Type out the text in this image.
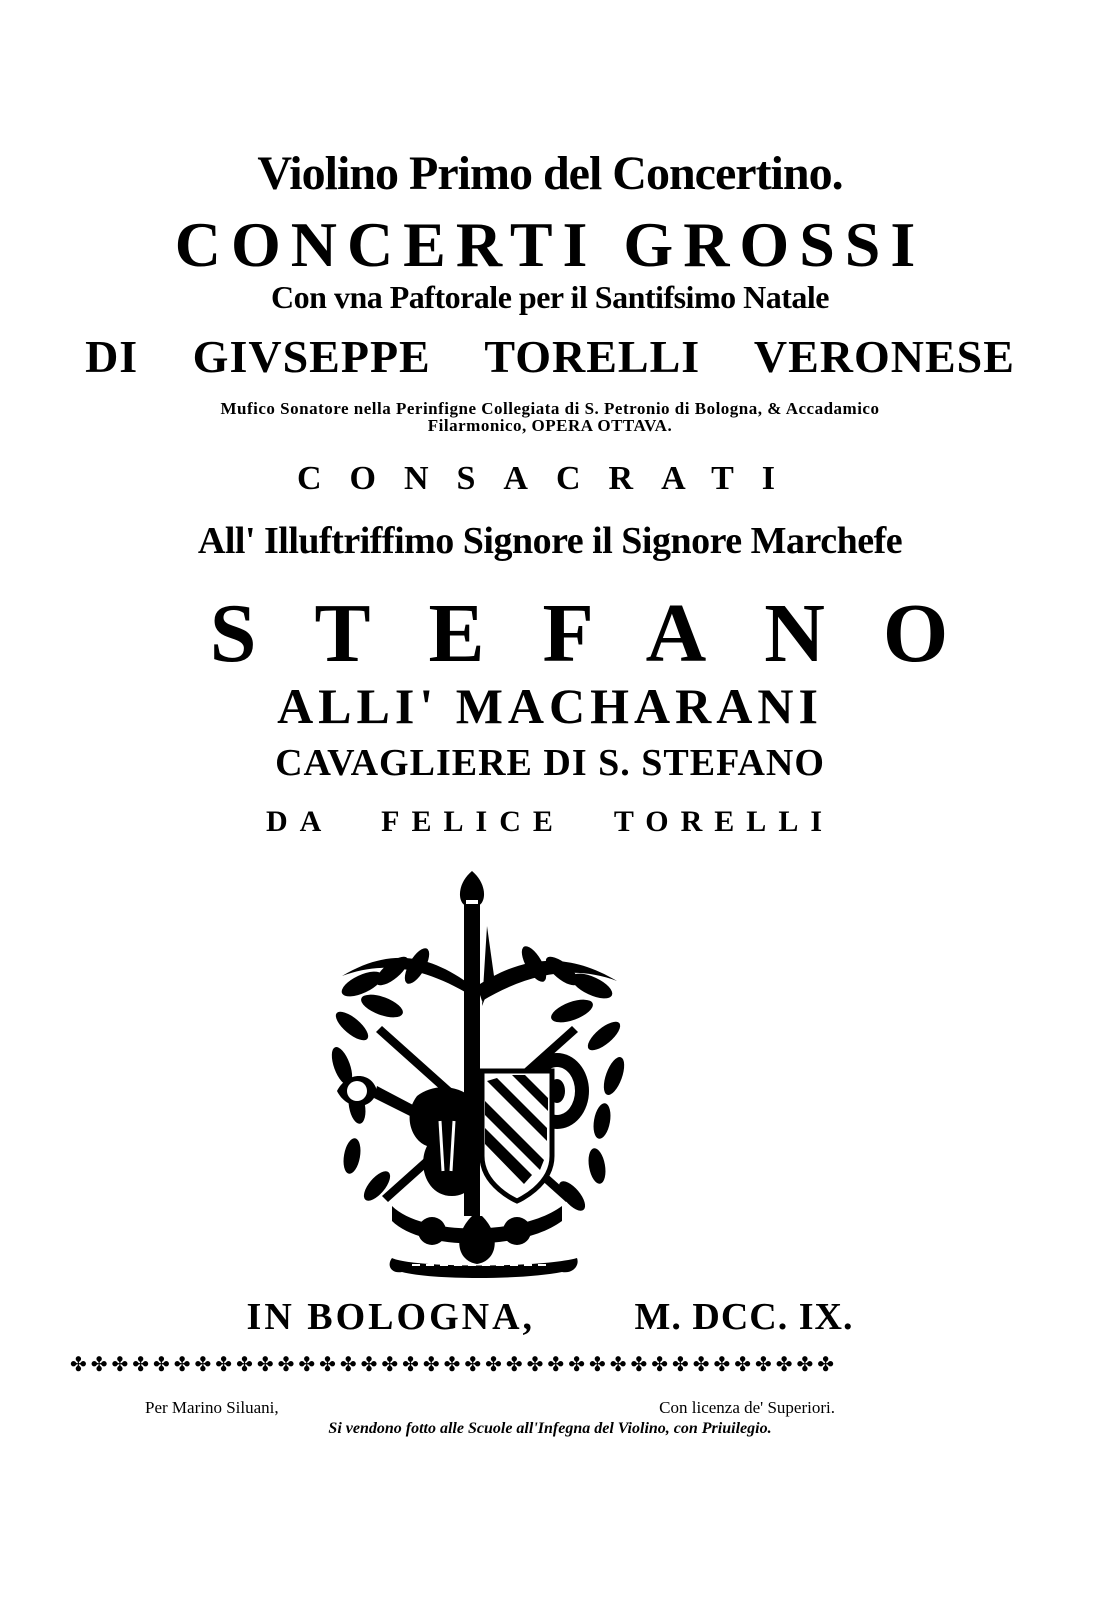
Violino Primo del Concertino.
CONCERTI GROSSI
Con vna Paftorale per il Santifsimo Natale
DI GIVSEPPE TORELLI VERONESE
Mufico Sonatore nella Perinfigne Collegiata di S. Petronio di Bologna, & Accadamico
Filarmonico, OPERA OTTAVA.
CONSACRATI
All' Illuftriffimo Signore il Signore Marchefe
STEFANO
ALLI' MACHARANI
CAVAGLIERE DI S. STEFANO
DA FELICE TORELLI
IN BOLOGNA,	M. DCC. IX.
✤✤✤✤✤✤✤✤✤✤✤✤✤✤✤✤✤✤✤✤✤✤✤✤✤✤✤✤✤✤✤✤✤✤✤✤✤
Per Marino Siluani,	Con licenza de' Superiori.
Si vendono fotto alle Scuole all'Infegna del Violino, con Priuilegio.
